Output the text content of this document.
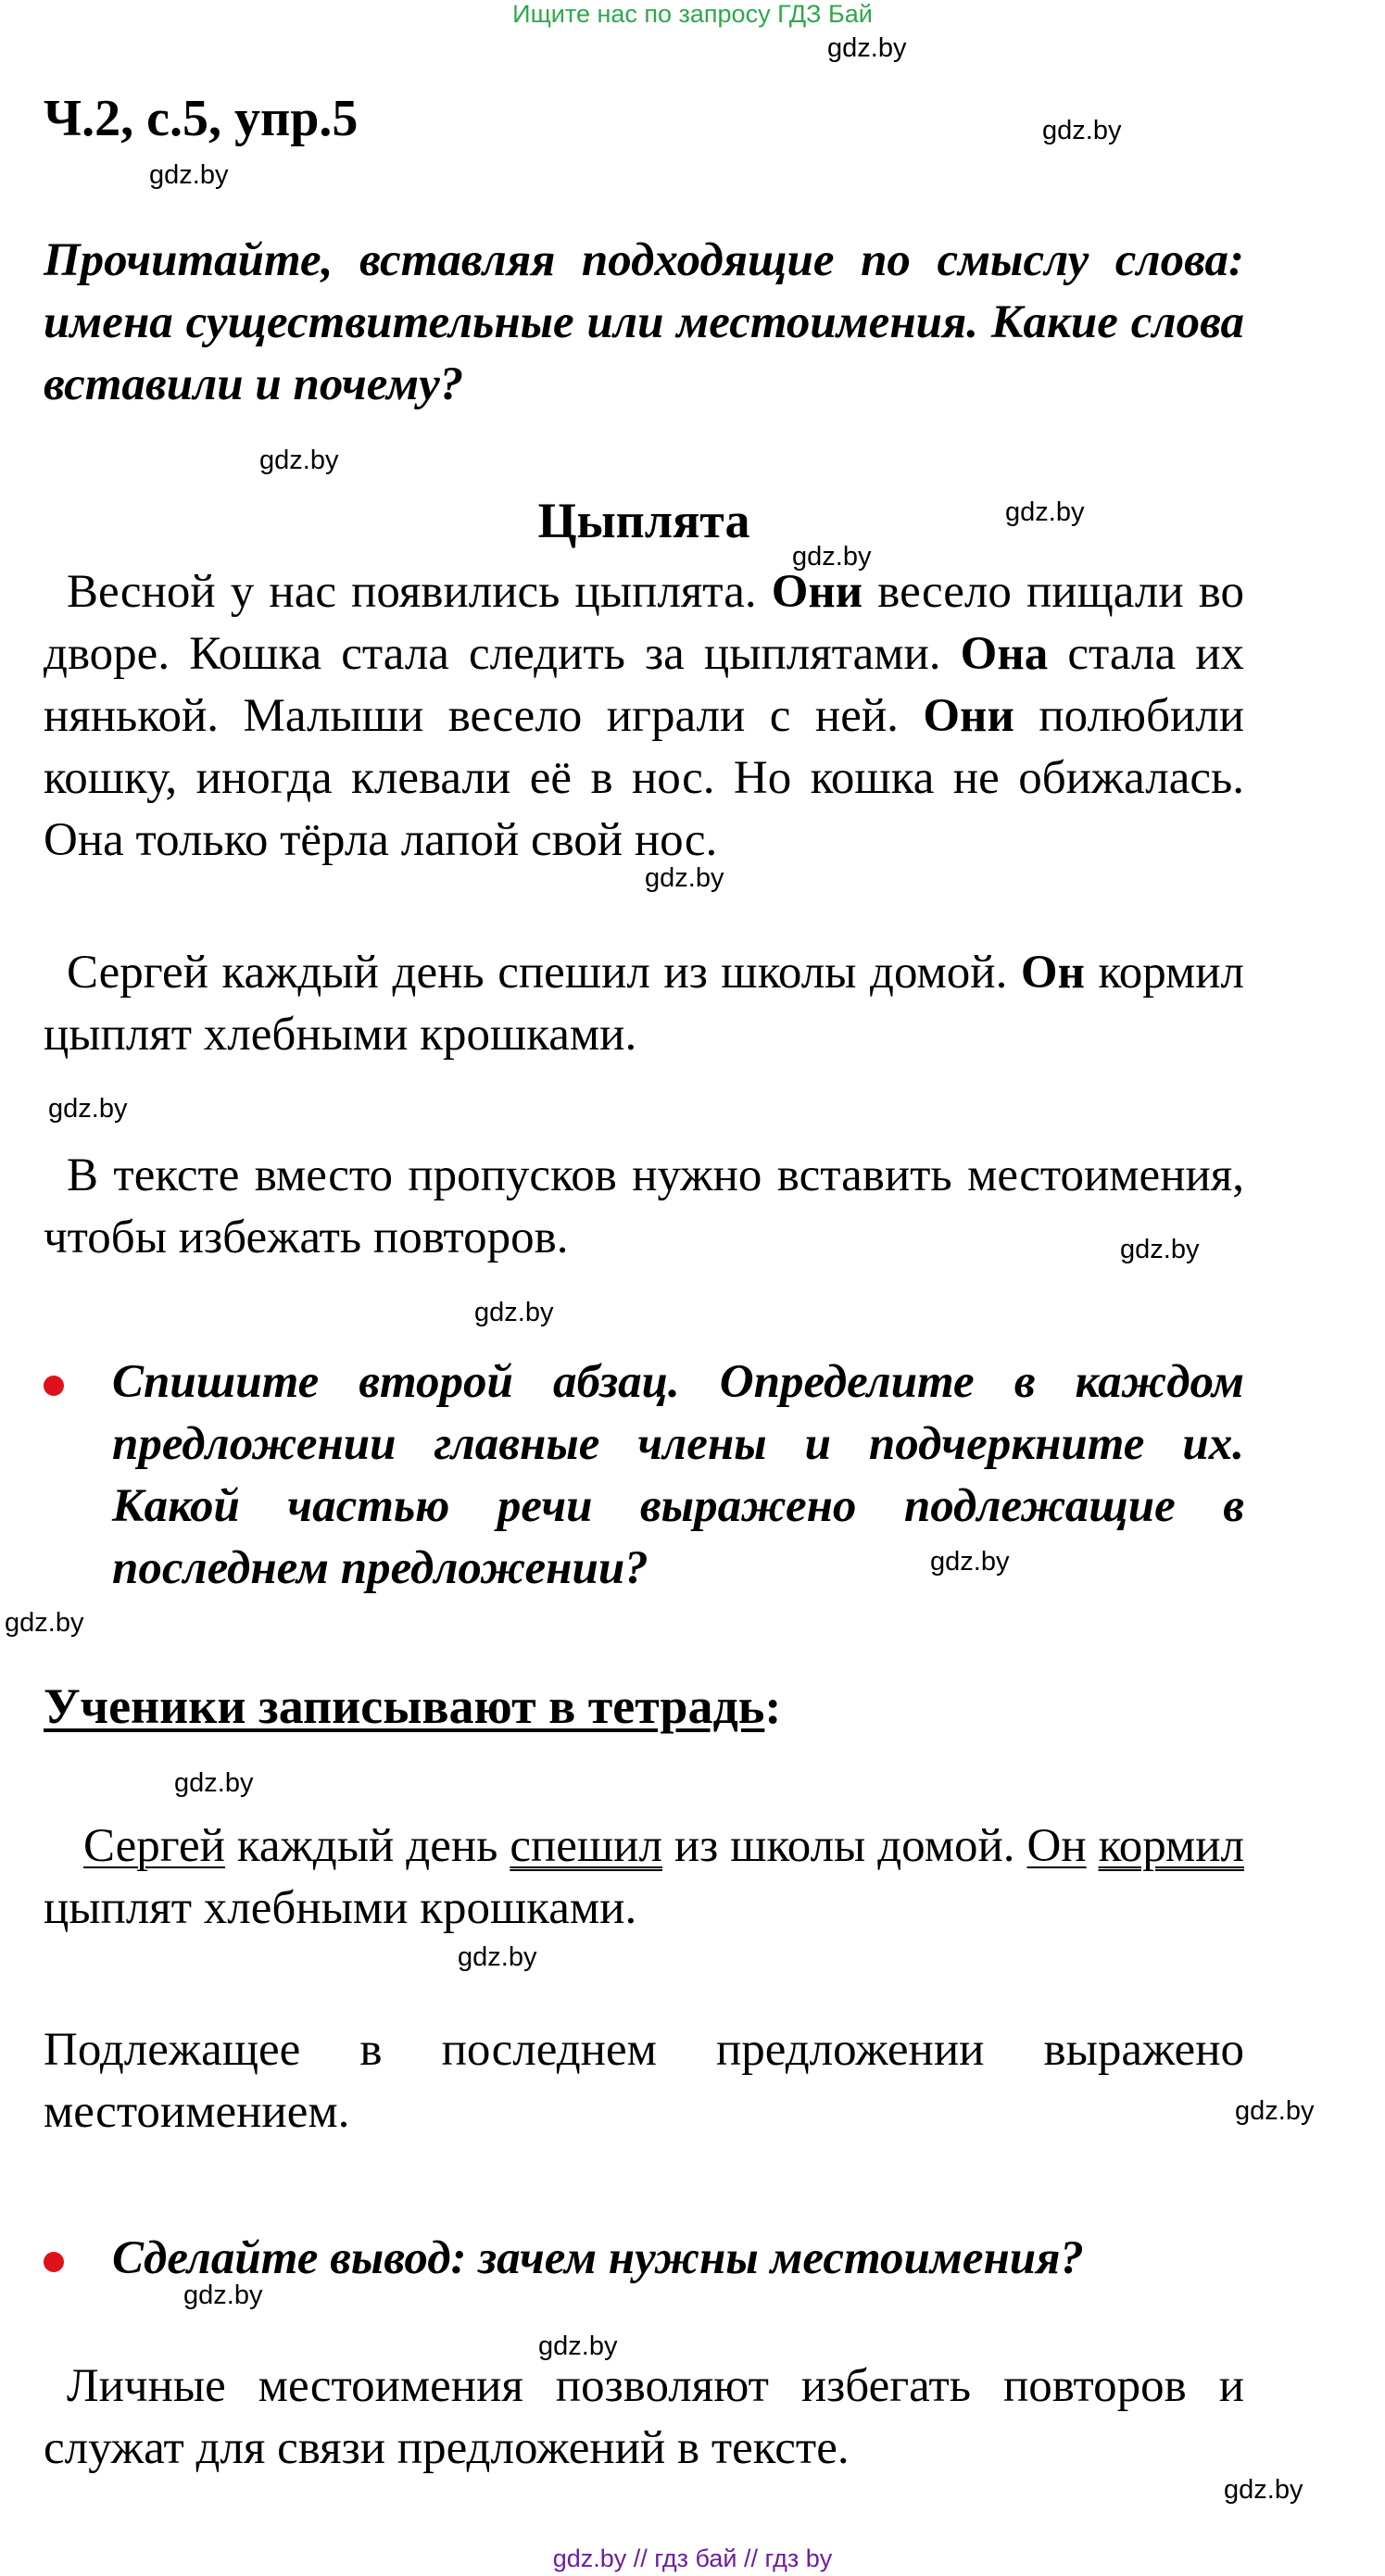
Ищите нас по запросу ГДЗ Бай
Ч.2, с.5, упр.5

Прочитайте, вставляя подходящие по смыслу слова: имена существительные или местоимения. Какие слова вставили и почему?

Цыплята

Весной у нас появились цыплята. Они весело пищали во дворе. Кошка стала следить за цыплятами. Она стала их нянькой. Малыши весело играли с ней. Они полюбили кошку, иногда клевали её в нос. Но кошка не обижалась. Она только тёрла лапой свой нос.

Сергей каждый день спешил из школы домой. Он кормил цыплят хлебными крошками.

В тексте вместо пропусков нужно вставить местоимения, чтобы избежать повторов.

Спишите второй абзац. Определите в каждом предложении главные члены и подчеркните их. Какой частью речи выражено подлежащие в последнем предложении?

Ученики записывают в тетрадь:

Сергей каждый день спешил из школы домой. Он кормил цыплят хлебными крошками.

Подлежащее в последнем предложении выражено местоимением.

Сделайте вывод: зачем нужны местоимения?

Личные местоимения позволяют избегать повторов и служат для связи предложений в тексте.

gdz.by
gdz.by
gdz.by
gdz.by
gdz.by
gdz.by
gdz.by
gdz.by
gdz.by
gdz.by
gdz.by
gdz.by
gdz.by
gdz.by
gdz.by
gdz.by
gdz.by
gdz.by
gdz.by // гдз бай // гдз by
